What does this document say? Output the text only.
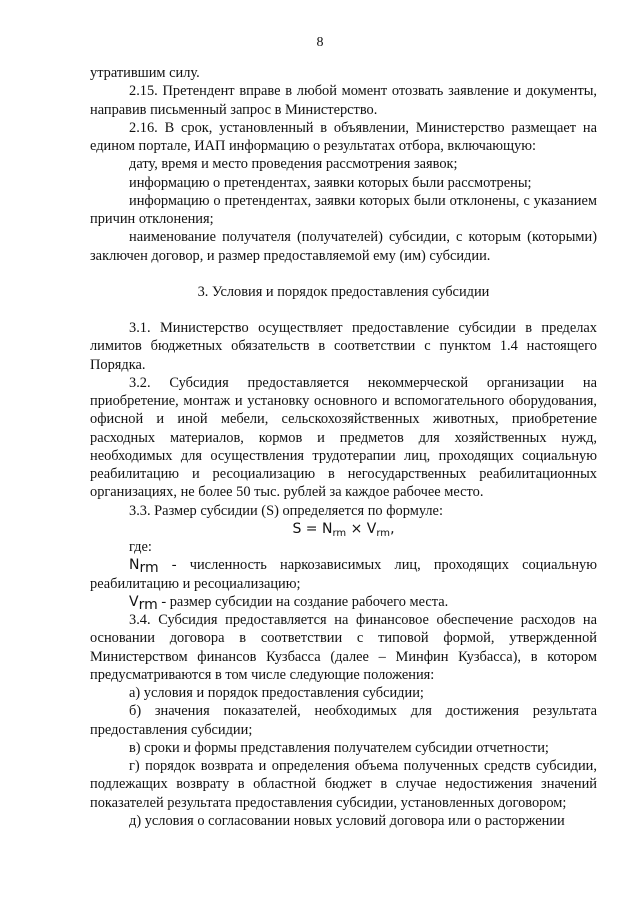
8

утратившим силу.

2.15. Претендент вправе в любой момент отозвать заявление и документы, направив письменный запрос в Министерство.

2.16. В срок, установленный в объявлении, Министерство размещает на едином портале, ИАП информацию о результатах отбора, включающую:

дату, время и место проведения рассмотрения заявок;

информацию о претендентах, заявки которых были рассмотрены;

информацию о претендентах, заявки которых были отклонены, с указанием причин отклонения;

наименование получателя (получателей) субсидии, с которым (которыми) заключен договор, и размер предоставляемой ему (им) субсидии.

3. Условия и порядок предоставления субсидии

3.1. Министерство осуществляет предоставление субсидии в пределах лимитов бюджетных обязательств в соответствии с пунктом 1.4 настоящего Порядка.

3.2. Субсидия предоставляется некоммерческой организации на приобретение, монтаж и установку основного и вспомогательного оборудования, офисной и иной мебели, сельскохозяйственных животных, приобретение расходных материалов, кормов и предметов для хозяйственных нужд, необходимых для осуществления трудотерапии лиц, проходящих социальную реабилитацию и ресоциализацию в негосударственных реабилитационных организациях, не более 50 тыс. рублей за каждое рабочее место.

3.3. Размер субсидии (S) определяется по формуле:

$S = N_{rm} \times V_{rm}$,

где:

$N_{rm}$ - численность наркозависимых лиц, проходящих социальную реабилитацию и ресоциализацию;

$V_{rm}$ - размер субсидии на создание рабочего места.

3.4. Субсидия предоставляется на финансовое обеспечение расходов на основании договора в соответствии с типовой формой, утвержденной Министерством финансов Кузбасса (далее – Минфин Кузбасса), в котором предусматриваются в том числе следующие положения:

а) условия и порядок предоставления субсидии;

б) значения показателей, необходимых для достижения результата предоставления субсидии;

в) сроки и формы представления получателем субсидии отчетности;

г) порядок возврата и определения объема полученных средств субсидии, подлежащих возврату в областной бюджет в случае недостижения значений показателей результата предоставления субсидии, установленных договором;

д) условия о согласовании новых условий договора или о расторжении
